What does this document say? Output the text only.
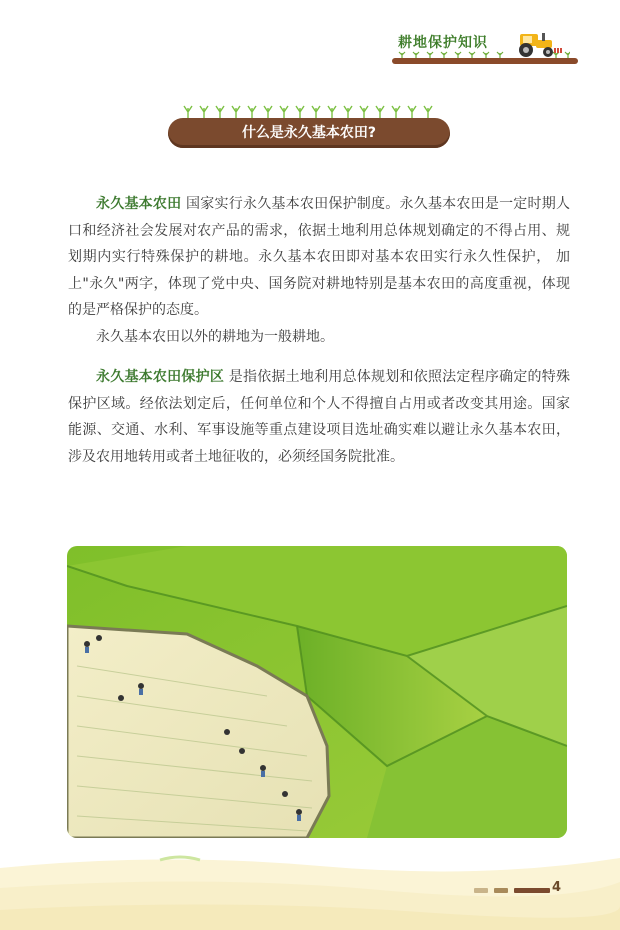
耕地保护知识
什么是永久基本农田?

永久基本农田 国家实行永久基本农田保护制度。永久基本农田是一定时期人口和经济社会发展对农产品的需求，依据土地利用总体规划确定的不得占用、规划期内实行特殊保护的耕地。永久基本农田即对基本农田实行永久性保护， 加上"永久"两字，体现了党中央、国务院对耕地特别是基本农田的高度重视，体现的是严格保护的态度。

永久基本农田以外的耕地为一般耕地。

永久基本农田保护区 是指依据土地利用总体规划和依照法定程序确定的特殊保护区域。经依法划定后，任何单位和个人不得擅自占用或者改变其用途。国家能源、交通、水利、军事设施等重点建设项目选址确实难以避让永久基本农田，涉及农用地转用或者土地征收的，必须经国务院批准。

4
